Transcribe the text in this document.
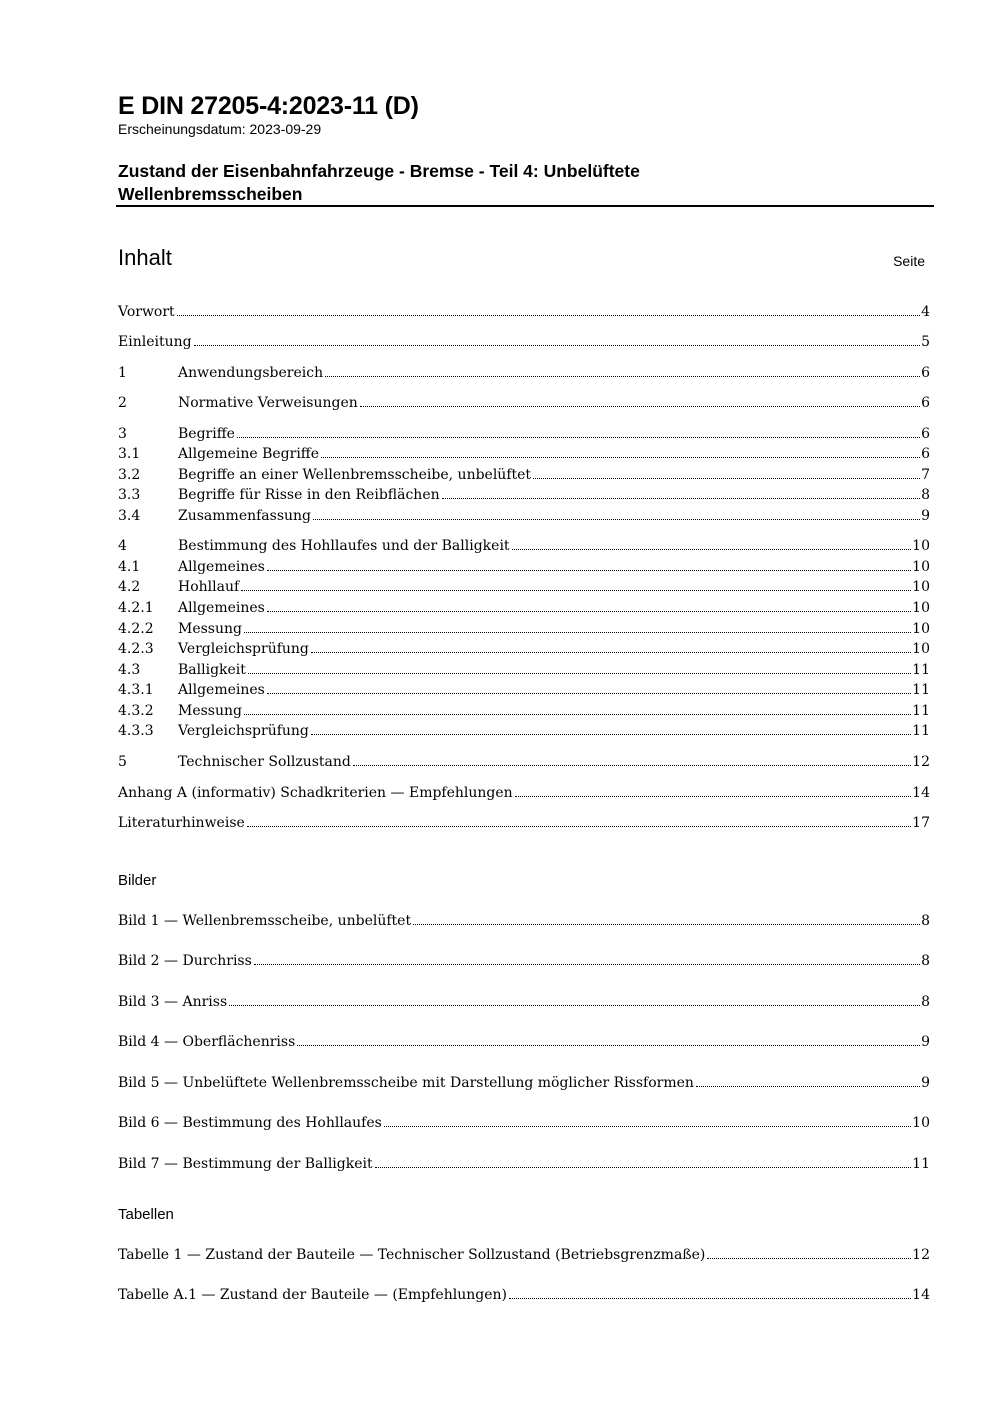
E DIN 27205-4:2023-11 (D)
Erscheinungsdatum: 2023-09-29
Zustand der Eisenbahnfahrzeuge - Bremse - Teil 4: Unbelüftete
Wellenbremsscheiben
Inhalt	Seite
Vorwort	4
Einleitung	5
1	Anwendungsbereich	6
2	Normative Verweisungen	6
3	Begriffe	6
3.1	Allgemeine Begriffe	6
3.2	Begriffe an einer Wellenbremsscheibe, unbelüftet	7
3.3	Begriffe für Risse in den Reibflächen	8
3.4	Zusammenfassung	9
4	Bestimmung des Hohllaufes und der Balligkeit	10
4.1	Allgemeines	10
4.2	Hohllauf	10
4.2.1	Allgemeines	10
4.2.2	Messung	10
4.2.3	Vergleichsprüfung	10
4.3	Balligkeit	11
4.3.1	Allgemeines	11
4.3.2	Messung	11
4.3.3	Vergleichsprüfung	11
5	Technischer Sollzustand	12
Anhang A (informativ) Schadkriterien — Empfehlungen	14
Literaturhinweise	17
Bilder
Bild 1 — Wellenbremsscheibe, unbelüftet	8
Bild 2 — Durchriss	8
Bild 3 — Anriss	8
Bild 4 — Oberflächenriss	9
Bild 5 — Unbelüftete Wellenbremsscheibe mit Darstellung möglicher Rissformen	9
Bild 6 — Bestimmung des Hohllaufes	10
Bild 7 — Bestimmung der Balligkeit	11
Tabellen
Tabelle 1 — Zustand der Bauteile — Technischer Sollzustand (Betriebsgrenzmaße)	12
Tabelle A.1 — Zustand der Bauteile — (Empfehlungen)	14
